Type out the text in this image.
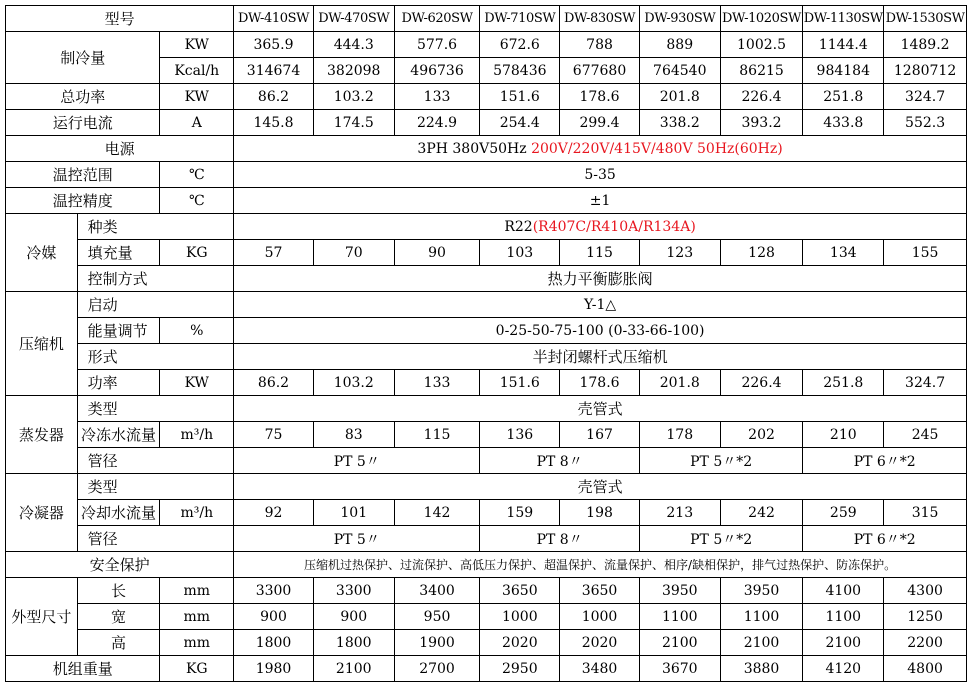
型号			DW-410SW	DW-470SW	DW-620SW	DW-710SW	DW-830SW	DW-930SW	DW-1020SW	DW-1130SW	DW-1530SW
制冷量		KW	365.9	444.3	577.6	672.6	788	889	1002.5	1144.4	1489.2
		Kcal/h	314674	382098	496736	578436	677680	764540	86215	984184	1280712
总功率		KW	86.2	103.2	133	151.6	178.6	201.8	226.4	251.8	324.7
运行电流		A	145.8	174.5	224.9	254.4	299.4	338.2	393.2	433.8	552.3
电源			3PH 380V50Hz 200V/220V/415V/480V 50Hz(60Hz)								
温控范围		℃	5-35								
温控精度		℃	±1								
冷媒	种类		R22(R407C/R410A/R134A)								
	填充量	KG	57	70	90	103	115	123	128	134	155
	控制方式		热力平衡膨胀阀								
压缩机	启动		Y-1△								
	能量调节	%	0-25-50-75-100 (0-33-66-100)								
	形式		半封闭螺杆式压缩机								
	功率	KW	86.2	103.2	133	151.6	178.6	201.8	226.4	251.8	324.7
蒸发器	类型		壳管式								
	冷冻水流量	m³/h	75	83	115	136	167	178	202	210	245
	管径		PT 5〃			PT 8〃		PT 5〃*2		PT 6〃*2	
冷凝器	类型		壳管式								
	冷却水流量	m³/h	92	101	142	159	198	213	242	259	315
	管径		PT 5〃			PT 8〃		PT 5〃*2		PT 6〃*2	
安全保护			压缩机过热保护、过流保护、高低压力保护、超温保护、流量保护、相序/缺相保护，排气过热保护、防冻保护。								
外型尺寸	长	mm	3300	3300	3400	3650	3650	3950	3950	4100	4300
	宽	mm	900	900	950	1000	1000	1100	1100	1100	1250
	高	mm	1800	1800	1900	2020	2020	2100	2100	2100	2200
机组重量		KG	1980	2100	2700	2950	3480	3670	3880	4120	4800
